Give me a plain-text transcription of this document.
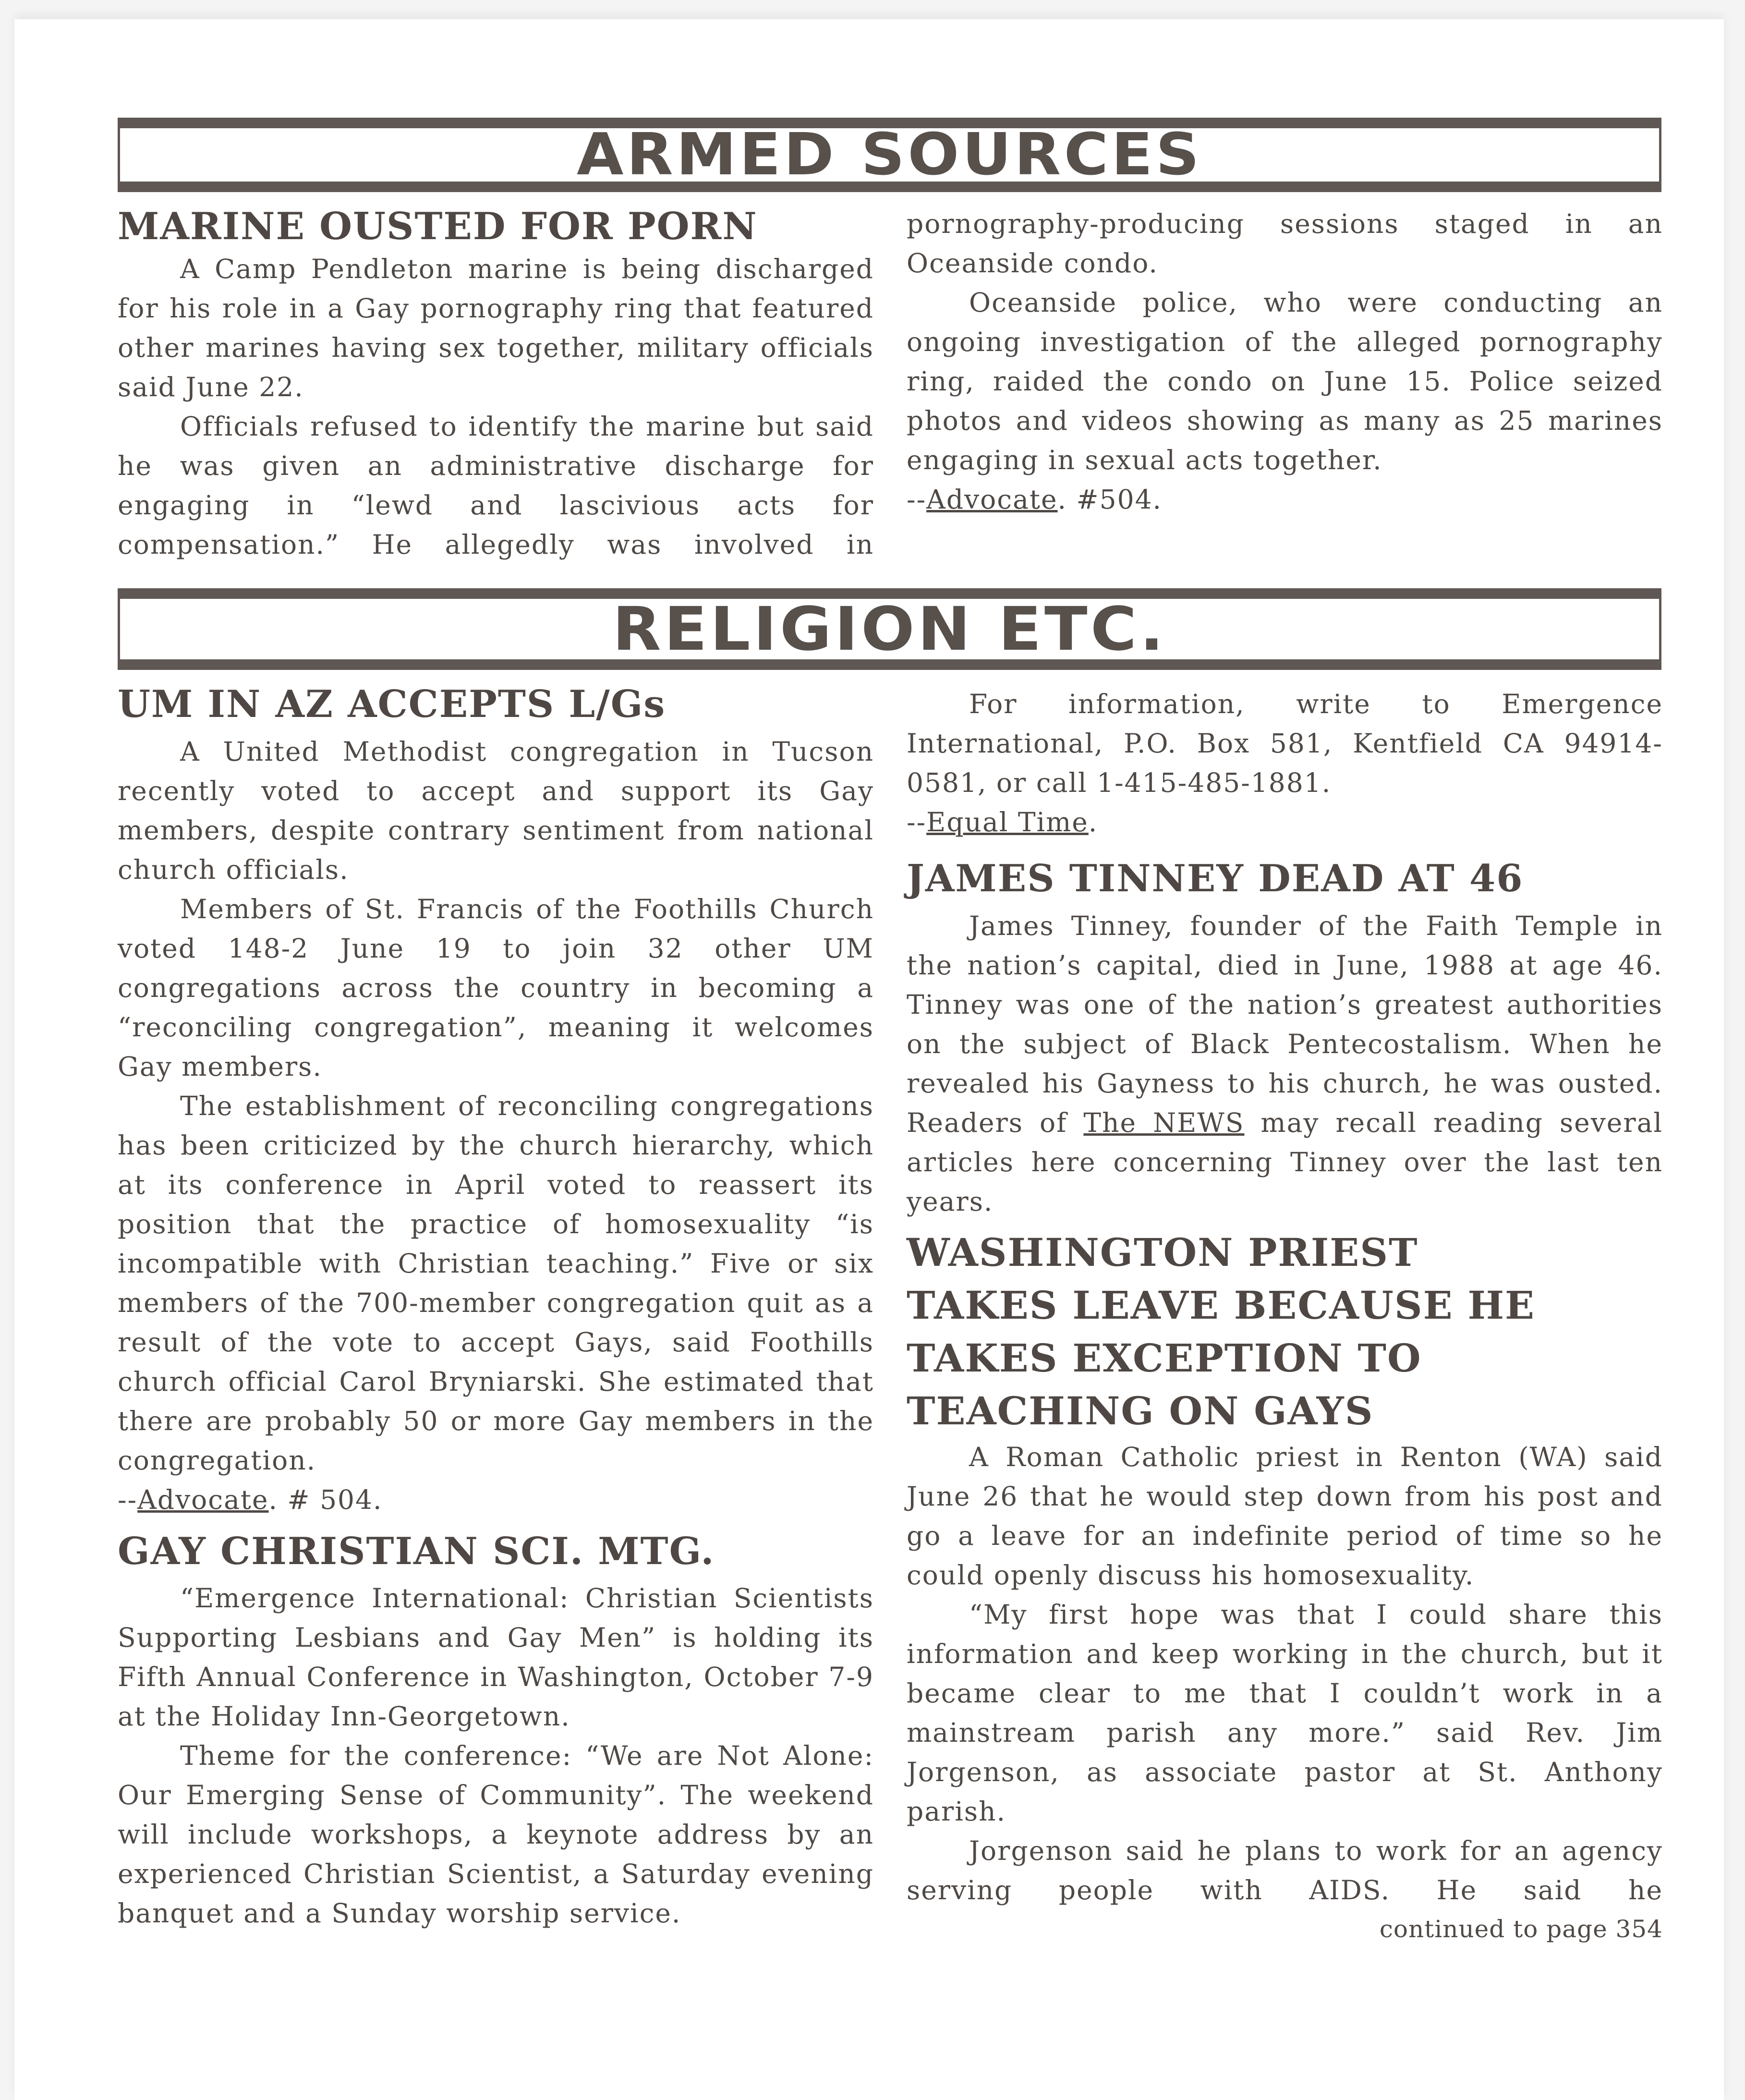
ARMED SOURCES
MARINE OUSTED FOR PORN

A Camp Pendleton marine is being discharged for his role in a Gay pornography ring that featured other marines having sex together, military officials said June 22.

Officials refused to identify the marine but said he was given an administrative discharge for engaging in “lewd and lascivious acts for compensation.” He allegedly was involved in

pornography-producing sessions staged in an Oceanside condo.

Oceanside police, who were conducting an ongoing investigation of the alleged pornography ring, raided the condo on June 15. Police seized photos and videos showing as many as 25 marines engaging in sexual acts together.

--Advocate. #504.

RELIGION ETC.
UM IN AZ ACCEPTS L/Gs

A United Methodist congregation in Tucson recently voted to accept and support its Gay members, despite contrary sentiment from national church officials.

Members of St. Francis of the Foothills Church voted 148-2 June 19 to join 32 other UM congregations across the country in becoming a “reconciling congregation”, meaning it welcomes Gay members.

The establishment of reconciling congregations has been criticized by the church hierarchy, which at its conference in April voted to reassert its position that the practice of homosexuality “is incompatible with Christian teaching.” Five or six members of the 700-member congregation quit as a result of the vote to accept Gays, said Foothills church official Carol Bryniarski. She estimated that there are probably 50 or more Gay members in the congregation.

--Advocate. # 504.

GAY CHRISTIAN SCI. MTG.

“Emergence International: Christian Scientists Supporting Lesbians and Gay Men” is holding its Fifth Annual Conference in Washington, October 7-9 at the Holiday Inn-Georgetown.

Theme for the conference: “We are Not Alone: Our Emerging Sense of Community”. The weekend will include workshops, a keynote address by an experienced Christian Scientist, a Saturday evening banquet and a Sunday worship service.

For information, write to Emergence International, P.O. Box 581, Kentfield CA 94914-0581, or call 1-415-485-1881.

--Equal Time.

JAMES TINNEY DEAD AT 46

James Tinney, founder of the Faith Temple in the nation’s capital, died in June, 1988 at age 46. Tinney was one of the nation’s greatest authorities on the subject of Black Pentecostalism. When he revealed his Gayness to his church, he was ousted. Readers of The NEWS may recall reading several articles here concerning Tinney over the last ten years.

WASHINGTON PRIEST TAKES LEAVE BECAUSE HE TAKES EXCEPTION TO TEACHING ON GAYS

A Roman Catholic priest in Renton (WA) said June 26 that he would step down from his post and go a leave for an indefinite period of time so he could openly discuss his homosexuality.

“My first hope was that I could share this information and keep working in the church, but it became clear to me that I couldn’t work in a mainstream parish any more.” said Rev. Jim Jorgenson, as associate pastor at St. Anthony parish.

Jorgenson said he plans to work for an agency serving people with AIDS. He said he

continued to page 354
